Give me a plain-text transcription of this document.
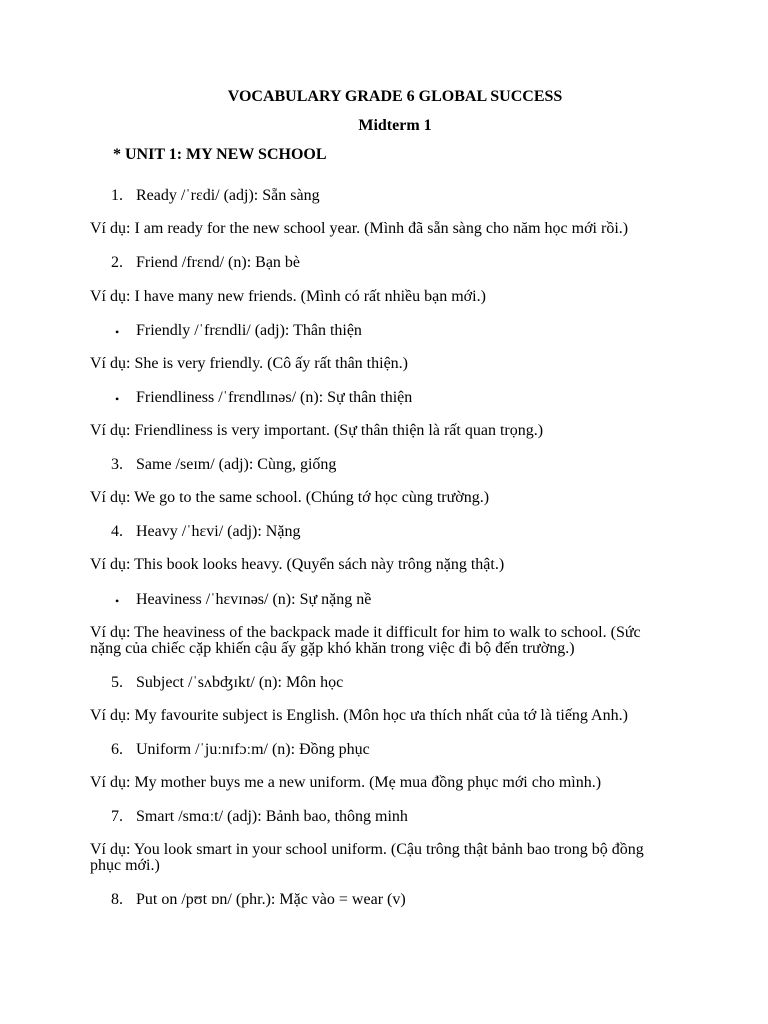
VOCABULARY GRADE 6 GLOBAL SUCCESS
Midterm 1
* UNIT 1: MY NEW SCHOOL
1. Ready /ˈrɛdi/ (adj): Sẵn sàng
Ví dụ: I am ready for the new school year. (Mình đã sẵn sàng cho năm học mới rồi.)
2. Friend /frɛnd/ (n): Bạn bè
Ví dụ: I have many new friends. (Mình có rất nhiều bạn mới.)
•	Friendly /ˈfrɛndli/ (adj): Thân thiện
Ví dụ: She is very friendly. (Cô ấy rất thân thiện.)
•	Friendliness /ˈfrɛndlɪnəs/ (n): Sự thân thiện
Ví dụ: Friendliness is very important. (Sự thân thiện là rất quan trọng.)
3. Same /seɪm/ (adj): Cùng, giống
Ví dụ: We go to the same school. (Chúng tớ học cùng trường.)
4. Heavy /ˈhɛvi/ (adj): Nặng
Ví dụ: This book looks heavy. (Quyển sách này trông nặng thật.)
•	Heaviness /ˈhɛvɪnəs/ (n): Sự nặng nề
Ví dụ: The heaviness of the backpack made it difficult for him to walk to school. (Sức nặng của chiếc cặp khiến cậu ấy gặp khó khăn trong việc đi bộ đến trường.)
5. Subject /ˈsʌbʤɪkt/ (n): Môn học
Ví dụ: My favourite subject is English. (Môn học ưa thích nhất của tớ là tiếng Anh.)
6. Uniform /ˈjuːnɪfɔːm/ (n): Đồng phục
Ví dụ: My mother buys me a new uniform. (Mẹ mua đồng phục mới cho mình.)
7. Smart /smɑːt/ (adj): Bảnh bao, thông minh
Ví dụ: You look smart in your school uniform. (Cậu trông thật bảnh bao trong bộ đồng phục mới.)
8. Put on /pʊt ɒn/ (phr.): Mặc vào = wear (v)
